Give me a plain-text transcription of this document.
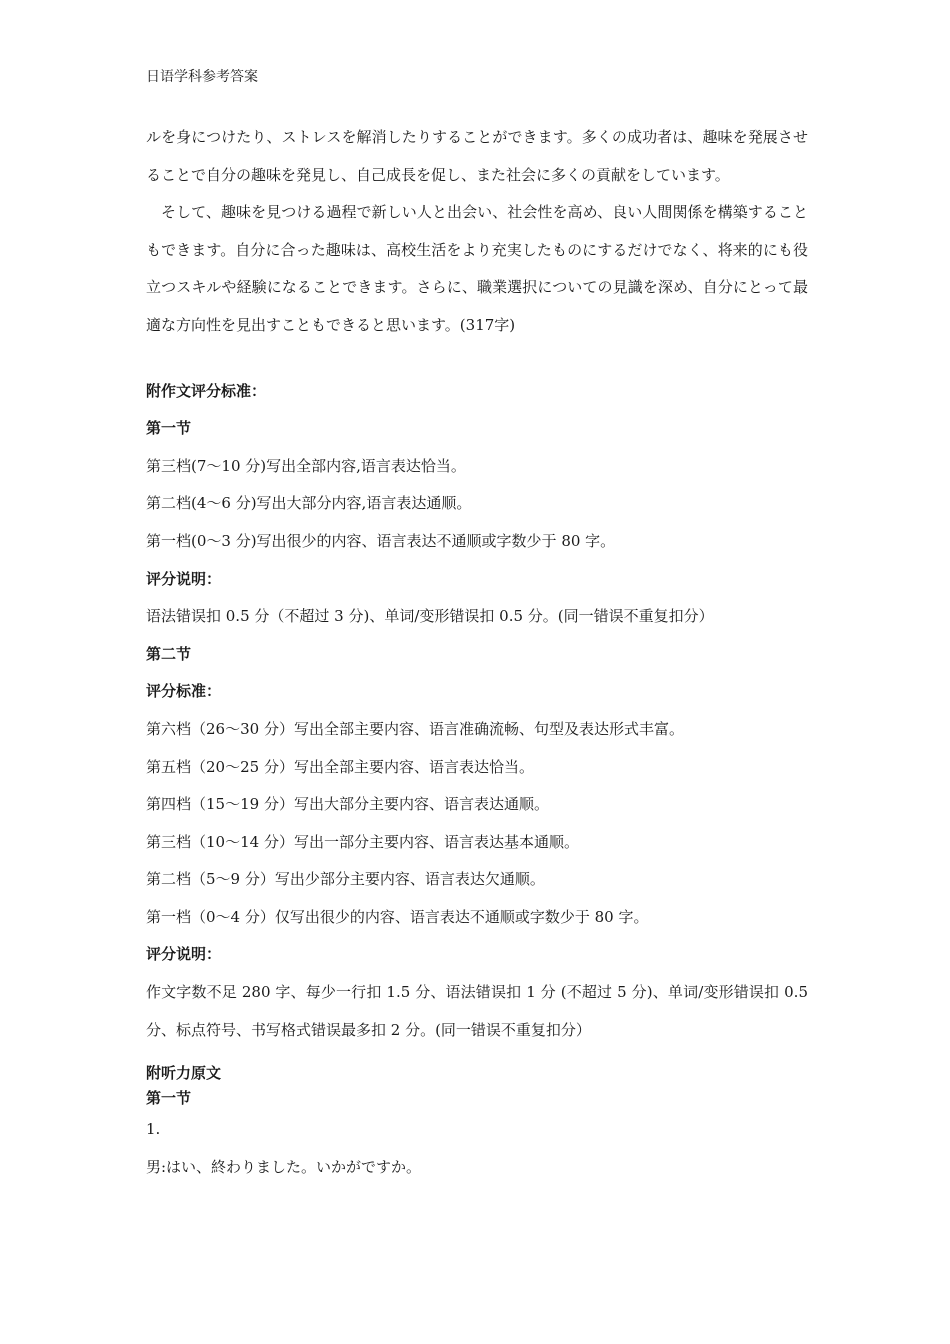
日语学科参考答案

ルを身につけたり、ストレスを解消したりすることができます。多くの成功者は、趣味を発展させることで自分の趣味を発見し、自己成長を促し、また社会に多くの貢献をしています。

そして、趣味を見つける過程で新しい人と出会い、社会性を高め、良い人間関係を構築することもできます。自分に合った趣味は、高校生活をより充実したものにするだけでなく、将来的にも役立つスキルや経験になることできます。さらに、職業選択についての見識を深め、自分にとって最適な方向性を見出すこともできると思います。(317字)

附作文评分标准：

第一节

第三档(7～10 分)写出全部内容,语言表达恰当。

第二档(4～6 分)写出大部分内容,语言表达通顺。

第一档(0～3 分)写出很少的内容、语言表达不通顺或字数少于 80 字。

评分说明：

语法错误扣 0.5 分（不超过 3 分)、单词/变形错误扣 0.5 分。(同一错误不重复扣分）

第二节

评分标准：

第六档（26～30 分）写出全部主要内容、语言准确流畅、句型及表达形式丰富。

第五档（20～25 分）写出全部主要内容、语言表达恰当。

第四档（15～19 分）写出大部分主要内容、语言表达通顺。

第三档（10～14 分）写出一部分主要内容、语言表达基本通顺。

第二档（5～9 分）写出少部分主要内容、语言表达欠通顺。

第一档（0～4 分）仅写出很少的内容、语言表达不通顺或字数少于 80 字。

评分说明：

作文字数不足 280 字、每少一行扣 1.5 分、语法错误扣 1 分 (不超过 5 分)、单词/变形错误扣 0.5 分、标点符号、书写格式错误最多扣 2 分。(同一错误不重复扣分）

附听力原文

第一节

1.

男:はい、終わりました。いかがですか。
